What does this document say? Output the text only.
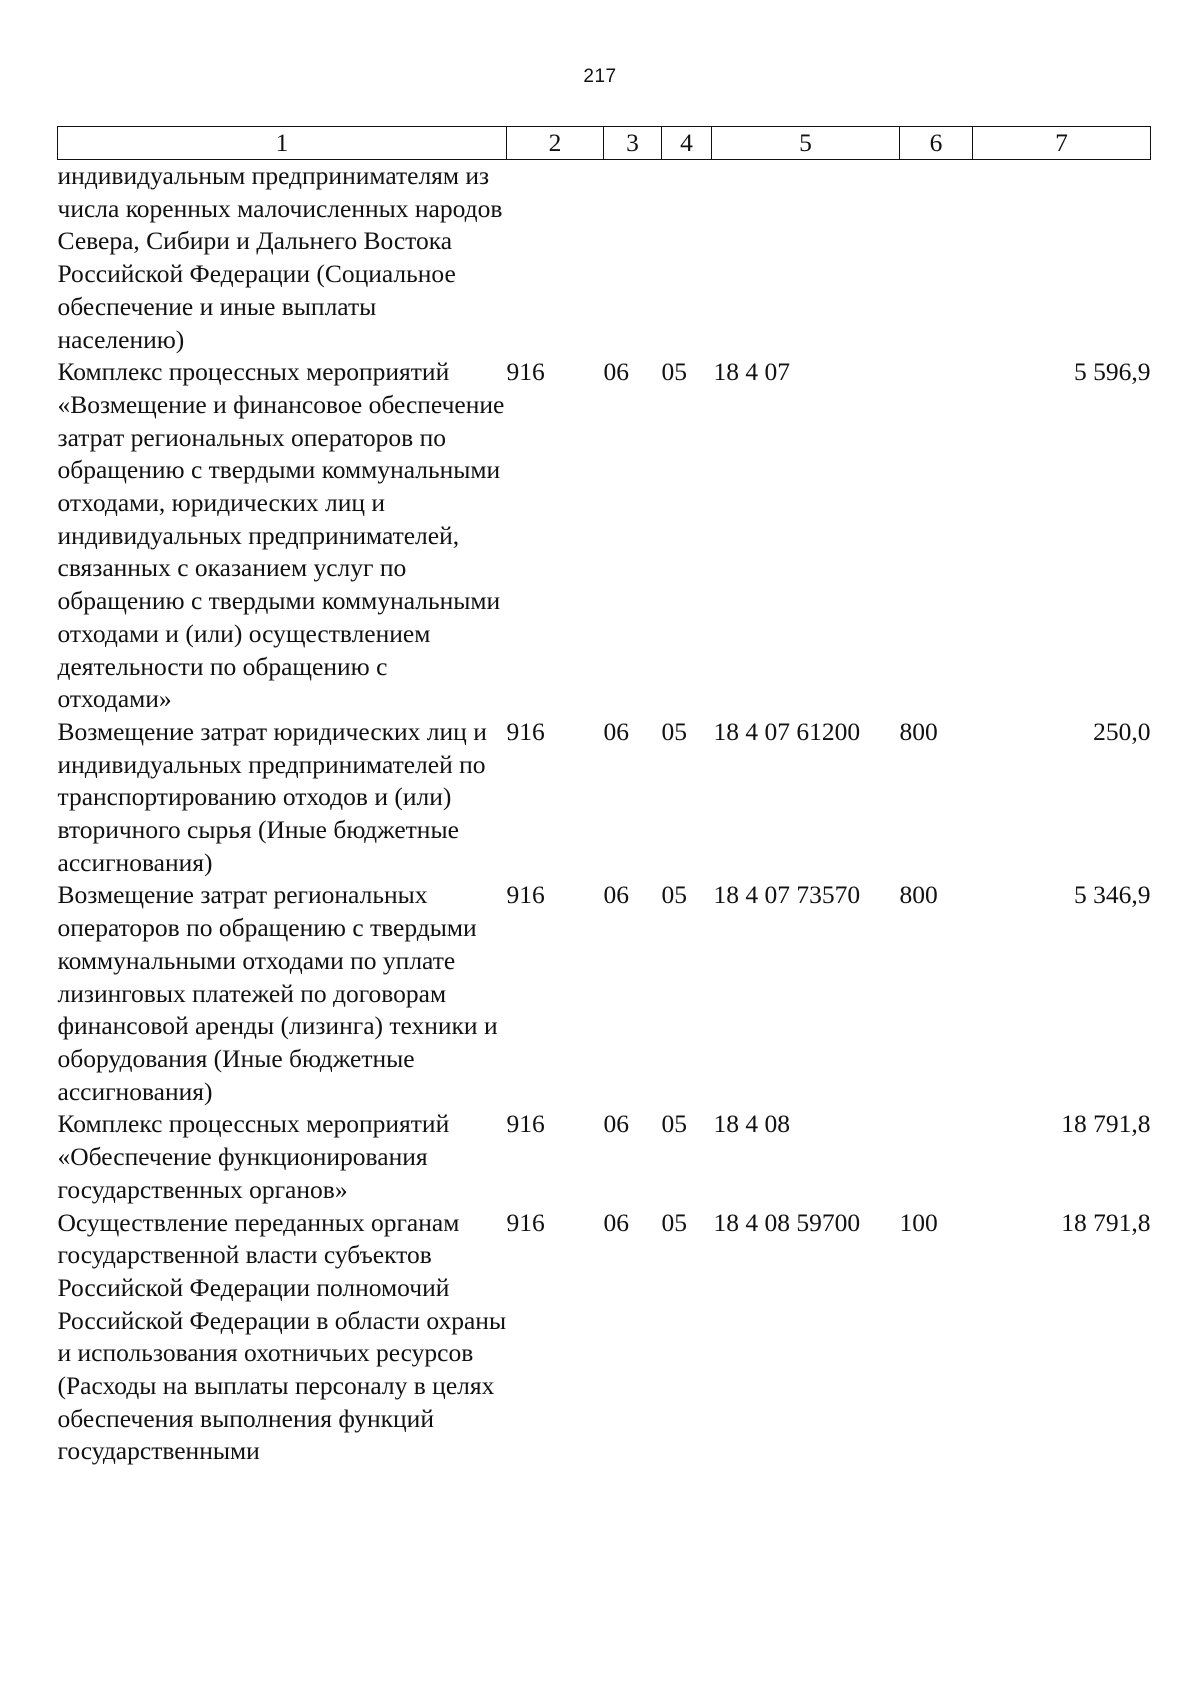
217
1	2	3	4	5	6	7
индивидуальным предпринимателям из числа коренных малочисленных народов Севера, Сибири и Дальнего Востока Российской Федерации (Социальное обеспечение и иные выплаты населению)						
Комплекс процессных мероприятий «Возмещение и финансовое обеспечение затрат региональных операторов по обращению с твердыми коммунальными отходами, юридических лиц и индивидуальных предпринимателей, связанных с оказанием услуг по обращению с твердыми коммунальными отходами и (или) осуществлением деятельности по обращению с отходами»	916	06	05	18 4 07		5 596,9
Возмещение затрат юридических лиц и индивидуальных предпринимателей по транспортированию отходов и (или) вторичного сырья (Иные бюджетные ассигнования)	916	06	05	18 4 07 61200	800	250,0
Возмещение затрат региональных операторов по обращению с твердыми коммунальными отходами по уплате лизинговых платежей по договорам финансовой аренды (лизинга) техники и оборудования (Иные бюджетные ассигнования)	916	06	05	18 4 07 73570	800	5 346,9
Комплекс процессных мероприятий «Обеспечение функционирования государственных органов»	916	06	05	18 4 08		18 791,8
Осуществление переданных органам государственной власти субъектов Российской Федерации полномочий Российской Федерации в области охраны и использования охотничьих ресурсов (Расходы на выплаты персоналу в целях обеспечения выполнения функций государственными	916	06	05	18 4 08 59700	100	18 791,8
